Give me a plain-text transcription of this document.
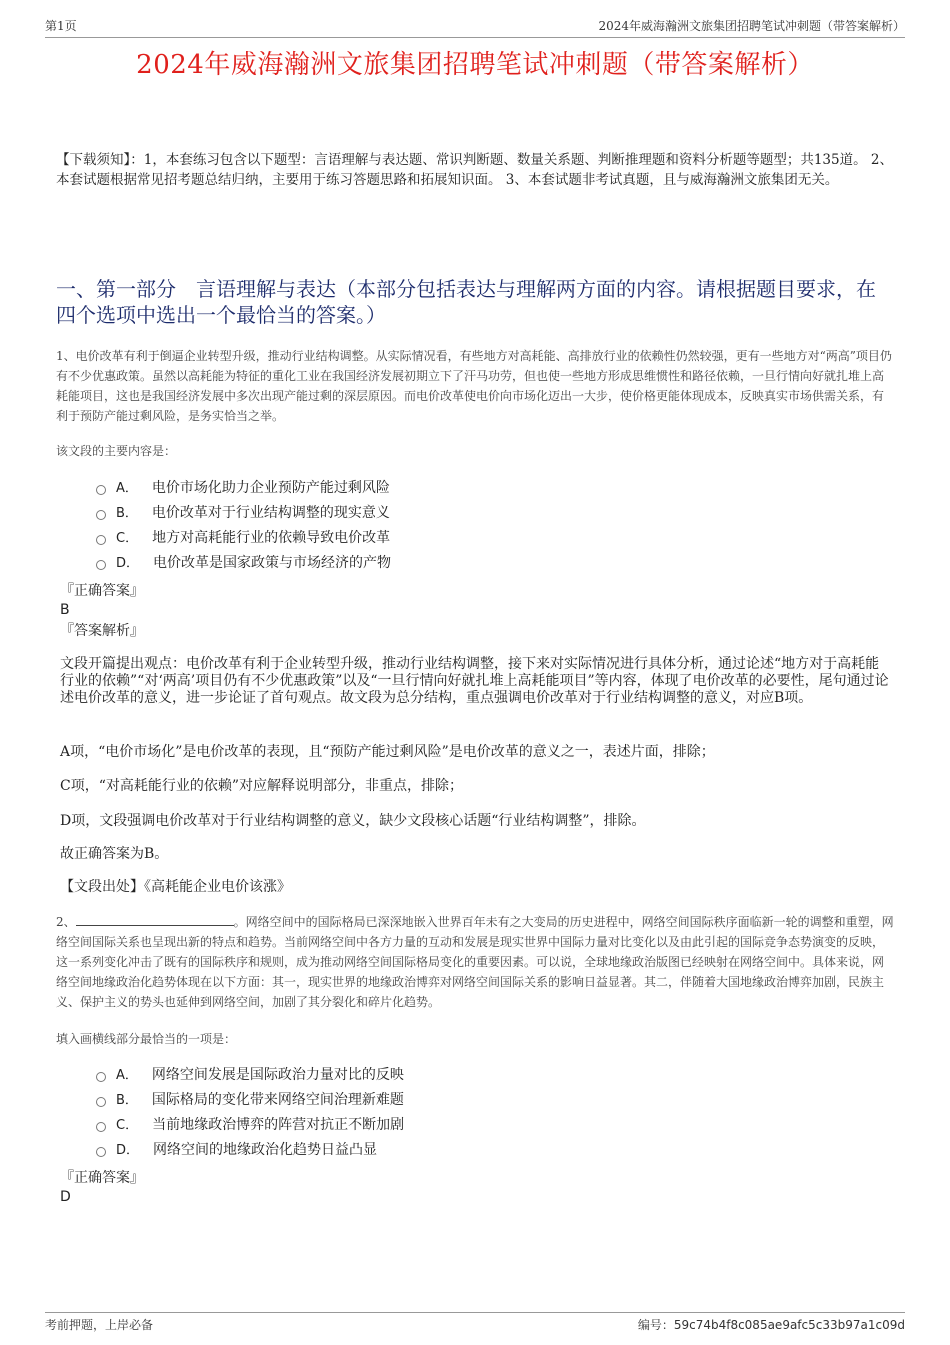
第1页	2024年威海瀚洲文旅集团招聘笔试冲刺题（带答案解析）
2024年威海瀚洲文旅集团招聘笔试冲刺题（带答案解析）
【下载须知】：1，本套练习包含以下题型：言语理解与表达题、常识判断题、数量关系题、判断推理题和资料分析题等题型；共135道。 2、本套试题根据常见招考题总结归纳，主要用于练习答题思路和拓展知识面。 3、本套试题非考试真题，且与威海瀚洲文旅集团无关。
一、第一部分　言语理解与表达（本部分包括表达与理解两方面的内容。请根据题目要求，在四个选项中选出一个最恰当的答案。）
1、电价改革有利于倒逼企业转型升级，推动行业结构调整。从实际情况看，有些地方对高耗能、高排放行业的依赖性仍然较强，更有一些地方对“两高”项目仍有不少优惠政策。虽然以高耗能为特征的重化工业在我国经济发展初期立下了汗马功劳，但也使一些地方形成思维惯性和路径依赖，一旦行情向好就扎堆上高耗能项目，这也是我国经济发展中多次出现产能过剩的深层原因。而电价改革使电价向市场化迈出一大步，使价格更能体现成本，反映真实市场供需关系，有利于预防产能过剩风险，是务实恰当之举。
该文段的主要内容是：
A． 电价市场化助力企业预防产能过剩风险
B． 电价改革对于行业结构调整的现实意义
C． 地方对高耗能行业的依赖导致电价改革
D． 电价改革是国家政策与市场经济的产物
『正确答案』
B
『答案解析』
文段开篇提出观点：电价改革有利于企业转型升级，推动行业结构调整，接下来对实际情况进行具体分析，通过论述“地方对于高耗能行业的依赖”“对‘两高’项目仍有不少优惠政策”以及“一旦行情向好就扎堆上高耗能项目”等内容，体现了电价改革的必要性，尾句通过论述电价改革的意义，进一步论证了首句观点。故文段为总分结构，重点强调电价改革对于行业结构调整的意义，对应B项。
A项，“电价市场化”是电价改革的表现，且“预防产能过剩风险”是电价改革的意义之一，表述片面，排除；
C项，“对高耗能行业的依赖”对应解释说明部分，非重点，排除；
D项，文段强调电价改革对于行业结构调整的意义，缺少文段核心话题“行业结构调整”，排除。
故正确答案为B。
【文段出处】《高耗能企业电价该涨》
2、	。网络空间中的国际格局已深深地嵌入世界百年未有之大变局的历史进程中，网络空间国际秩序面临新一轮的调整和重塑，网络空间国际关系也呈现出新的特点和趋势。当前网络空间中各方力量的互动和发展是现实世界中国际力量对比变化以及由此引起的国际竞争态势演变的反映，这一系列变化冲击了既有的国际秩序和规则，成为推动网络空间国际格局变化的重要因素。可以说，全球地缘政治版图已经映射在网络空间中。具体来说，网络空间地缘政治化趋势体现在以下方面：其一，现实世界的地缘政治博弈对网络空间国际关系的影响日益显著。其二，伴随着大国地缘政治博弈加剧，民族主义、保护主义的势头也延伸到网络空间，加剧了其分裂化和碎片化趋势。
填入画横线部分最恰当的一项是：
A． 网络空间发展是国际政治力量对比的反映
B． 国际格局的变化带来网络空间治理新难题
C． 当前地缘政治博弈的阵营对抗正不断加剧
D． 网络空间的地缘政治化趋势日益凸显
『正确答案』
D
考前押题，上岸必备	编号：59c74b4f8c085ae9afc5c33b97a1c09d
